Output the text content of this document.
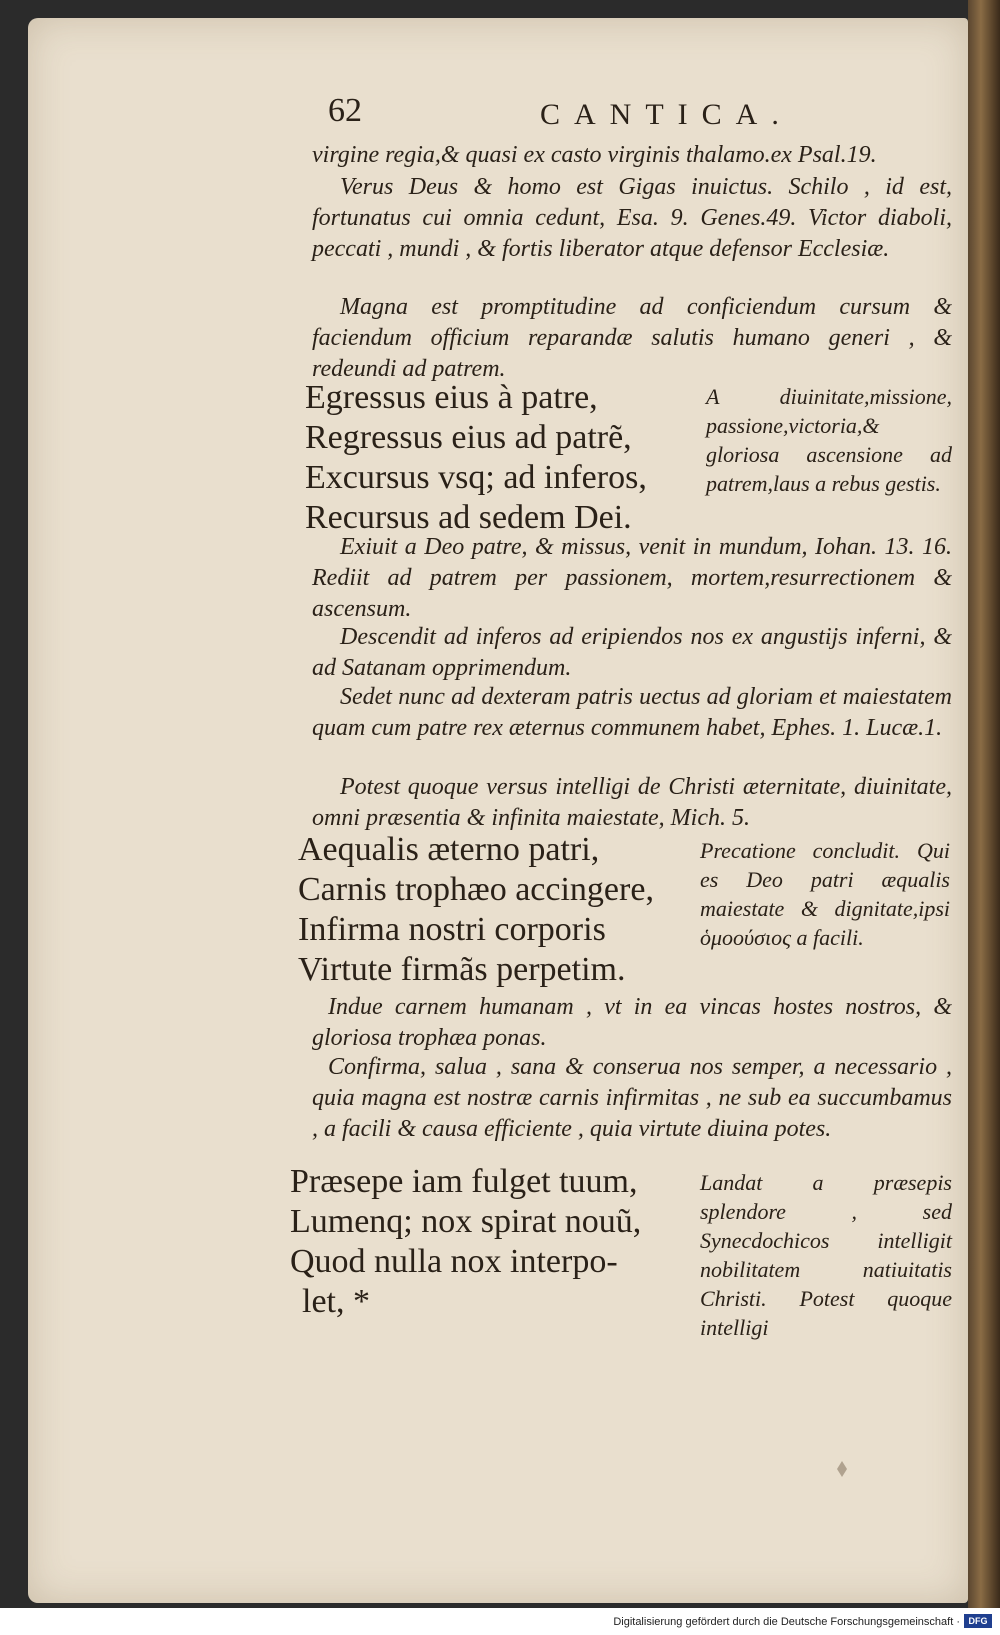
62	CANTICA.
virgine regia,& quasi ex casto virginis thalamo.ex Psal.19.
Verus Deus & homo est Gigas inuictus. Schilo , id est, fortunatus cui omnia cedunt, Esa. 9. Genes.49. Victor diaboli, peccati , mundi , & fortis liberator atque defensor Ecclesiæ.
Magna est promptitudine ad conficiendum cursum & faciendum officium reparandæ salutis humano generi , & redeundi ad patrem.
Egressus eius à patre,
Regressus eius ad patrẽ,
Excursus vsq; ad inferos,
Recursus ad sedem Dei.
A diuinitate,missione, passione,victoria,& gloriosa ascensione ad patrem,laus a rebus gestis.
Exiuit a Deo patre, & missus, venit in mundum, Iohan. 13. 16. Rediit ad patrem per passionem, mortem,resurrectionem & ascensum.
Descendit ad inferos ad eripiendos nos ex angustijs inferni, & ad Satanam opprimendum.
Sedet nunc ad dexteram patris uectus ad gloriam et maiestatem quam cum patre rex æternus communem habet, Ephes. 1. Lucæ.1.
Potest quoque versus intelligi de Christi æternitate, diuinitate, omni præsentia & infinita maiestate, Mich. 5.
Aequalis æterno patri,
Carnis trophæo accingere,
Infirma nostri corporis
Virtute firmãs perpetim.
Precatione concludit. Qui es Deo patri æqualis maiestate & dignitate,ipsi ὁμοούσιος a facili.
Indue carnem humanam , vt in ea vincas hostes nostros, & gloriosa trophæa ponas.
Confirma, salua , sana & conserua nos semper, a necessario , quia magna est nostræ carnis infirmitas , ne sub ea succumbamus , a facili & causa efficiente , quia virtute diuina potes.
Præsepe iam fulget tuum,
Lumenq; nox spirat nouũ,
Quod nulla nox interpo-
let, *
Landat a præsepis splendore , sed Synecdochicos intelligit nobilitatem natiuitatis Christi. Potest quoque intelligi
Digitalisierung gefördert durch die Deutsche Forschungsgemeinschaft · DFG
